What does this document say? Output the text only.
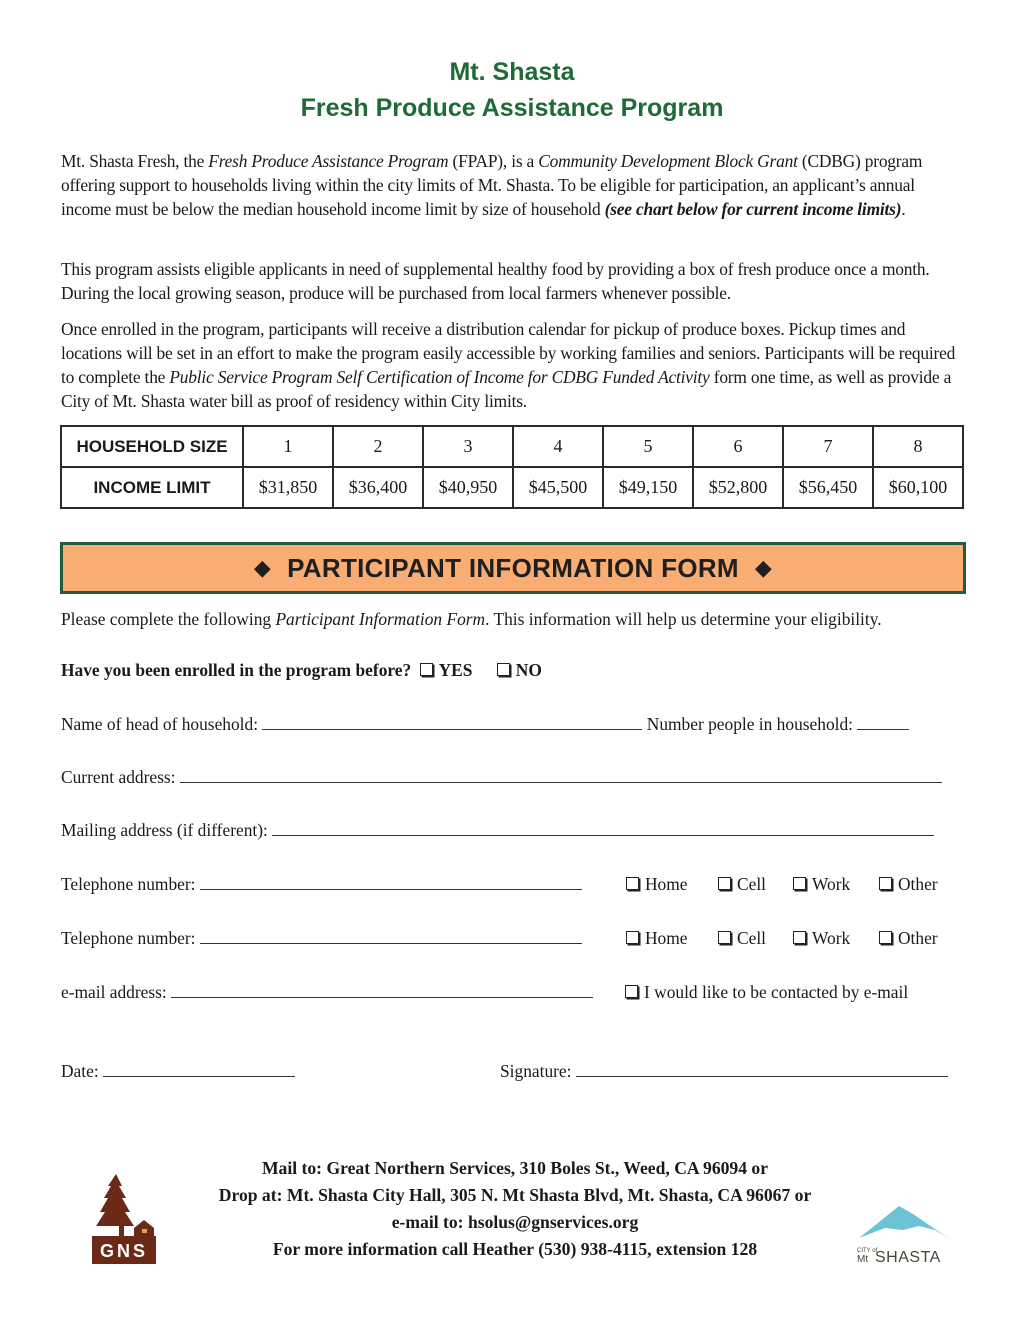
Mt. Shasta
Fresh Produce Assistance Program
Mt. Shasta Fresh, the Fresh Produce Assistance Program (FPAP), is a Community Development Block Grant (CDBG) program offering support to households living within the city limits of Mt. Shasta. To be eligible for participation, an applicant’s annual income must be below the median household income limit by size of household (see chart below for current income limits).
This program assists eligible applicants in need of supplemental healthy food by providing a box of fresh produce once a month. During the local growing season, produce will be purchased from local farmers whenever possible.
Once enrolled in the program, participants will receive a distribution calendar for pickup of produce boxes. Pickup times and locations will be set in an effort to make the program easily accessible by working families and seniors. Participants will be required to complete the Public Service Program Self Certification of Income for CDBG Funded Activity form one time, as well as provide a City of Mt. Shasta water bill as proof of residency within City limits.
HOUSEHOLD SIZE	1	2	3	4	5	6	7	8
INCOME LIMIT	$31,850	$36,400	$40,950	$45,500	$49,150	$52,800	$56,450	$60,100
◆ PARTICIPANT INFORMATION FORM ◆
Please complete the following Participant Information Form. This information will help us determine your eligibility.
Have you been enrolled in the program before? YES NO
Name of head of household:	Number people in household:
Current address:
Mailing address (if different):
Telephone number:	Home	Cell	Work	Other
Telephone number:	Home	Cell	Work	Other
e-mail address:	I would like to be contacted by e-mail
Date:	Signature:
Mail to: Great Northern Services, 310 Boles St., Weed, CA 96094 or
Drop at: Mt. Shasta City Hall, 305 N. Mt Shasta Blvd, Mt. Shasta, CA 96067 or
e-mail to: hsolus@gnservices.org
For more information call Heather (530) 938-4115, extension 128
GNS	CITY of
Mt SHASTA
